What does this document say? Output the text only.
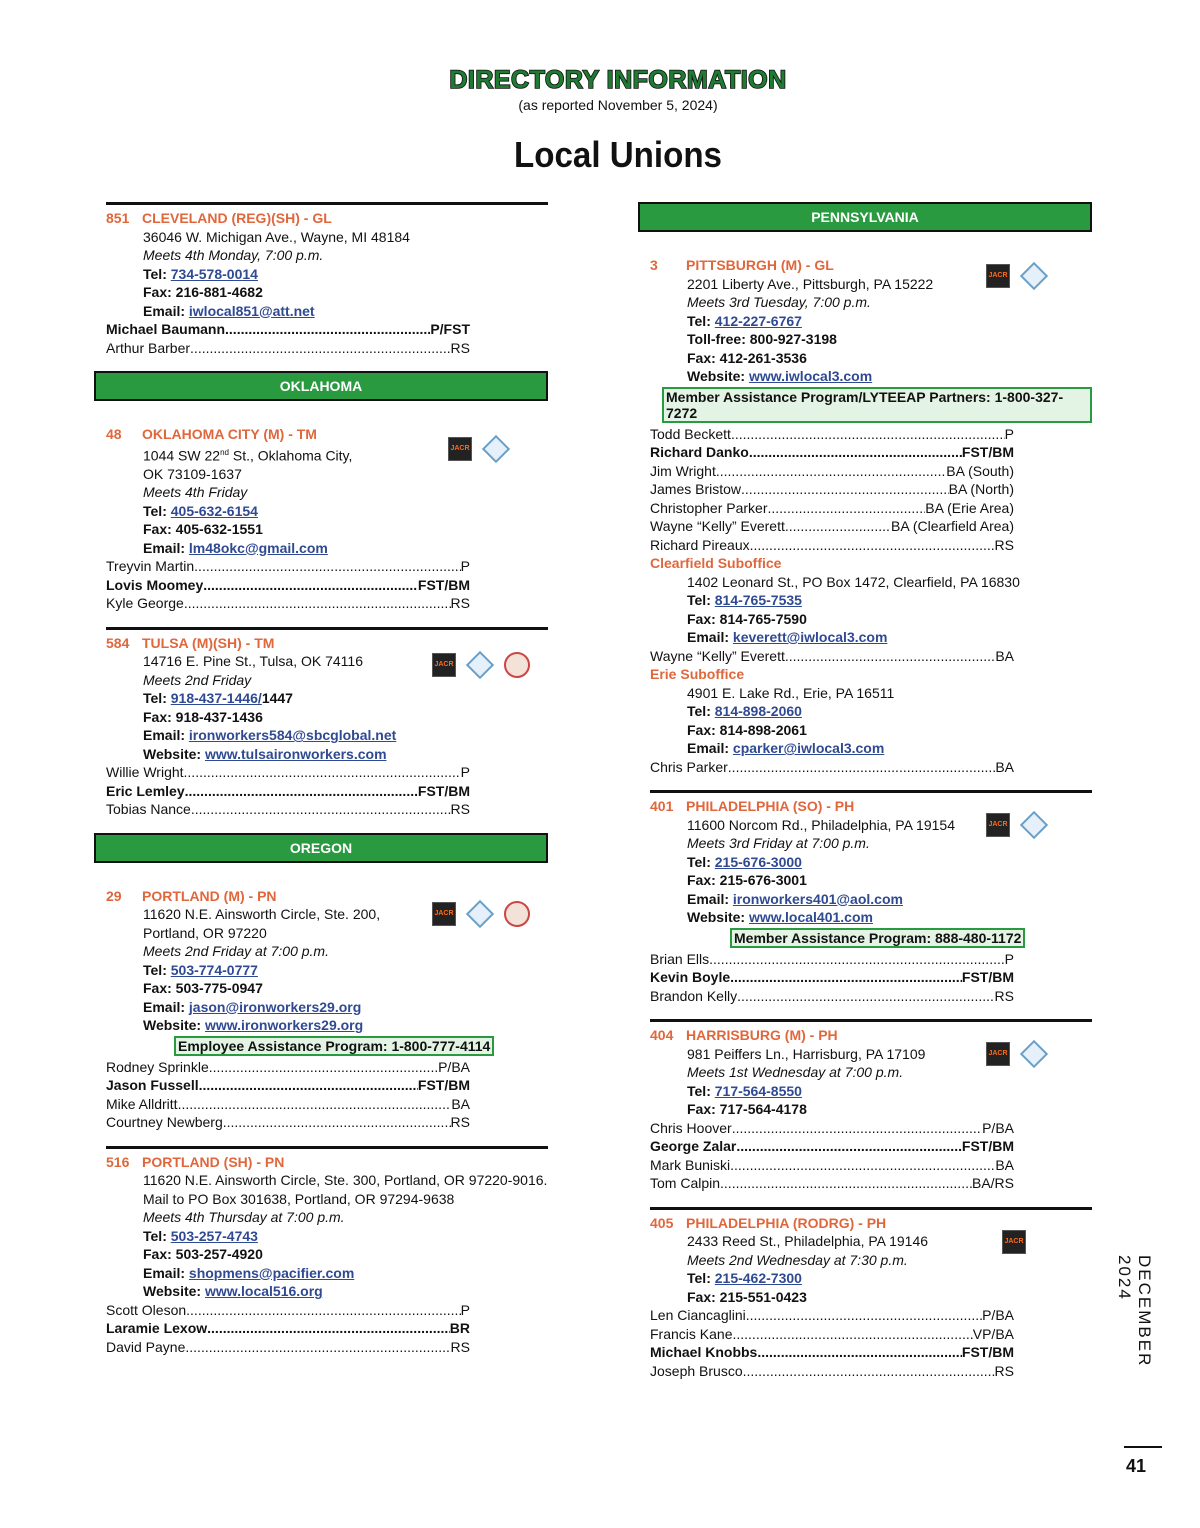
DIRECTORY INFORMATION
(as reported November 5, 2024)
Local Unions
851 CLEVELAND (REG)(SH) - GL
36046 W. Michigan Ave., Wayne, MI 48184
Meets 4th Monday, 7:00 p.m.
Tel: 734-578-0014
Fax: 216-881-4682
Email: iwlocal851@att.net
Michael Baumann .....	P/FST
Arthur Barber .....	RS
OKLAHOMA
48 OKLAHOMA CITY (M) - TM
JACR
1044 SW 22nd St., Oklahoma City,
OK 73109-1637
Meets 4th Friday
Tel: 405-632-6154
Fax: 405-632-1551
Email: lm48okc@gmail.com
Treyvin Martin .....	P
Lovis Moomey .....	FST/BM
Kyle George .....	RS
584 TULSA (M)(SH) - TM
JACR
14716 E. Pine St., Tulsa, OK 74116
Meets 2nd Friday
Tel: 918-437-1446/1447
Fax: 918-437-1436
Email: ironworkers584@sbcglobal.net
Website: www.tulsaironworkers.com
Willie Wright .....	P
Eric Lemley .....	FST/BM
Tobias Nance .....	RS
OREGON
29 PORTLAND (M) - PN
JACR
11620 N.E. Ainsworth Circle, Ste. 200,
Portland, OR 97220
Meets 2nd Friday at 7:00 p.m.
Tel: 503-774-0777
Fax: 503-775-0947
Email: jason@ironworkers29.org
Website: www.ironworkers29.org
Employee Assistance Program: 1-800-777-4114
Rodney Sprinkle .....	P/BA
Jason Fussell .....	FST/BM
Mike Alldritt .....	BA
Courtney Newberg .....	RS
516 PORTLAND (SH) - PN
11620 N.E. Ainsworth Circle, Ste. 300, Portland, OR 97220-9016.
Mail to PO Box 301638, Portland, OR 97294-9638
Meets 4th Thursday at 7:00 p.m.
Tel: 503-257-4743
Fax: 503-257-4920
Email: shopmens@pacifier.com
Website: www.local516.org
Scott Oleson .....	P
Laramie Lexow .....	BR
David Payne .....	RS
PENNSYLVANIA
3 PITTSBURGH (M) - GL
JACR
2201 Liberty Ave., Pittsburgh, PA 15222
Meets 3rd Tuesday, 7:00 p.m.
Tel: 412-227-6767
Toll-free: 800-927-3198
Fax: 412-261-3536
Website: www.iwlocal3.com
Member Assistance Program/LYTEEAP Partners: 1-800-327-7272
Todd Beckett .....	P
Richard Danko .....	FST/BM
Jim Wright .....	BA (South)
James Bristow .....	BA (North)
Christopher Parker .....	BA (Erie Area)
Wayne “Kelly” Everett .....	BA (Clearfield Area)
Richard Pireaux .....	RS
Clearfield Suboffice
1402 Leonard St., PO Box 1472, Clearfield, PA 16830
Tel: 814-765-7535
Fax: 814-765-7590
Email: keverett@iwlocal3.com
Wayne “Kelly” Everett .....	BA
Erie Suboffice
4901 E. Lake Rd., Erie, PA 16511
Tel: 814-898-2060
Fax: 814-898-2061
Email: cparker@iwlocal3.com
Chris Parker .....	BA
401 PHILADELPHIA (SO) - PH
JACR
11600 Norcom Rd., Philadelphia, PA 19154
Meets 3rd Friday at 7:00 p.m.
Tel: 215-676-3000
Fax: 215-676-3001
Email: ironworkers401@aol.com
Website: www.local401.com
Member Assistance Program: 888-480-1172
Brian Ells .....	P
Kevin Boyle .....	FST/BM
Brandon Kelly .....	RS
404 HARRISBURG (M) - PH
JACR
981 Peiffers Ln., Harrisburg, PA 17109
Meets 1st Wednesday at 7:00 p.m.
Tel: 717-564-8550
Fax: 717-564-4178
Chris Hoover .....	P/BA
George Zalar .....	FST/BM
Mark Buniski .....	BA
Tom Calpin .....	BA/RS
405 PHILADELPHIA (RODRG) - PH
JACR
2433 Reed St., Philadelphia, PA 19146
Meets 2nd Wednesday at 7:30 p.m.
Tel: 215-462-7300
Fax: 215-551-0423
Len Ciancaglini .....	P/BA
Francis Kane .....	VP/BA
Michael Knobbs .....	FST/BM
Joseph Brusco .....	RS
DECEMBER 2024
41
